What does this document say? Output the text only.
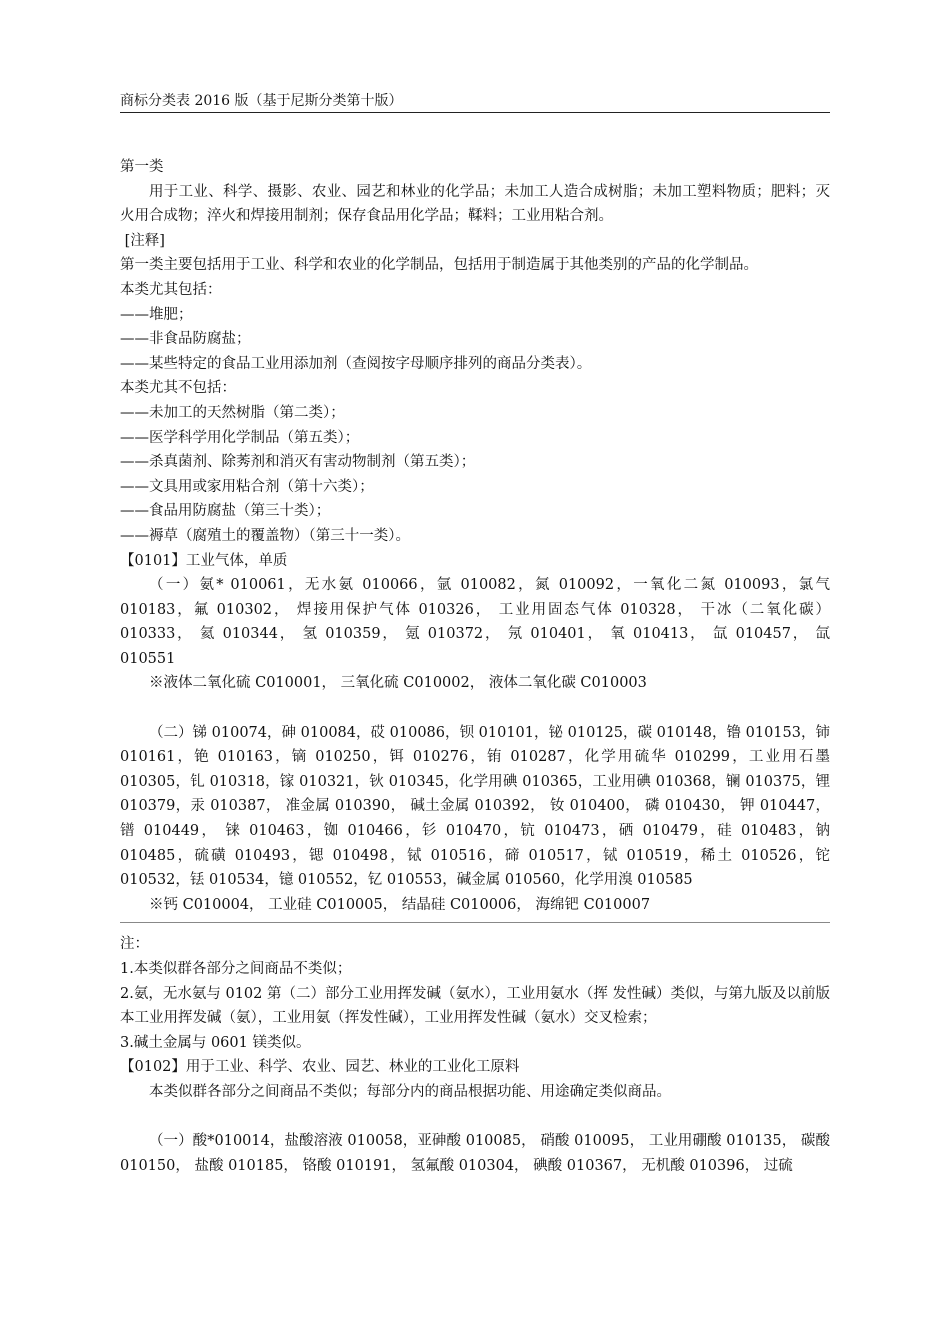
商标分类表 2016 版（基于尼斯分类第十版）

第一类

用于工业、科学、摄影、农业、园艺和林业的化学品；未加工人造合成树脂；未加工塑料物质；肥料；灭火用合成物；淬火和焊接用制剂；保存食品用化学品；鞣料；工业用粘合剂。

[注释]

第一类主要包括用于工业、科学和农业的化学制品，包括用于制造属于其他类别的产品的化学制品。

本类尤其包括：

——堆肥；

——非食品防腐盐；

——某些特定的食品工业用添加剂（查阅按字母顺序排列的商品分类表）。

本类尤其不包括：

——未加工的天然树脂（第二类）；

——医学科学用化学制品（第五类）；

——杀真菌剂、除莠剂和消灭有害动物制剂（第五类）；

——文具用或家用粘合剂（第十六类）；

——食品用防腐盐（第三十类）；

——褥草（腐殖土的覆盖物）（第三十一类）。

【0101】工业气体，单质

（一）氨* 010061，无水氨 010066，氩 010082，氮 010092，一氧化二氮 010093，氯气 010183，氟 010302， 焊接用保护气体 010326， 工业用固态气体 010328， 干冰（二氧化碳）010333， 氦 010344， 氢 010359， 氪 010372， 氖 010401， 氧 010413， 氙 010457， 氙 010551

※液体二氧化硫 C010001， 三氧化硫 C010002， 液体二氧化碳 C010003

（二）锑 010074，砷 010084，砹 010086，钡 010101，铋 010125，碳 010148，镥 010153，铈 010161，铯 010163，镝 010250，铒 010276，铕 010287，化学用硫华 010299，工业用石墨 010305，钆 010318，镓 010321，钬 010345，化学用碘 010365，工业用碘 010368，镧 010375，锂 010379，汞 010387， 准金属 010390， 碱土金属 010392， 钕 010400， 磷 010430， 钾 010447， 镨 010449， 铼 010463，铷 010466，钐 010470，钪 010473，硒 010479，硅 010483，钠 010485，硫磺 010493，锶 010498，铽 010516，碲 010517，铽 010519，稀土 010526，铊 010532，铥 010534，镱 010552，钇 010553，碱金属 010560，化学用溴 010585

※钙 C010004， 工业硅 C010005， 结晶硅 C010006， 海绵钯 C010007

注：

1.本类似群各部分之间商品不类似；

2.氨，无水氨与 0102 第（二）部分工业用挥发碱（氨水），工业用氨水（挥 发性碱）类似，与第九版及以前版本工业用挥发碱（氨），工业用氨（挥发性碱），工业用挥发性碱（氨水）交叉检索；

3.碱土金属与 0601 镁类似。

【0102】用于工业、科学、农业、园艺、林业的工业化工原料

本类似群各部分之间商品不类似；每部分内的商品根据功能、用途确定类似商品。

（一）酸*010014，盐酸溶液 010058，亚砷酸 010085， 硝酸 010095， 工业用硼酸 010135， 碳酸 010150， 盐酸 010185， 铬酸 010191， 氢氟酸 010304， 碘酸 010367， 无机酸 010396， 过硫
